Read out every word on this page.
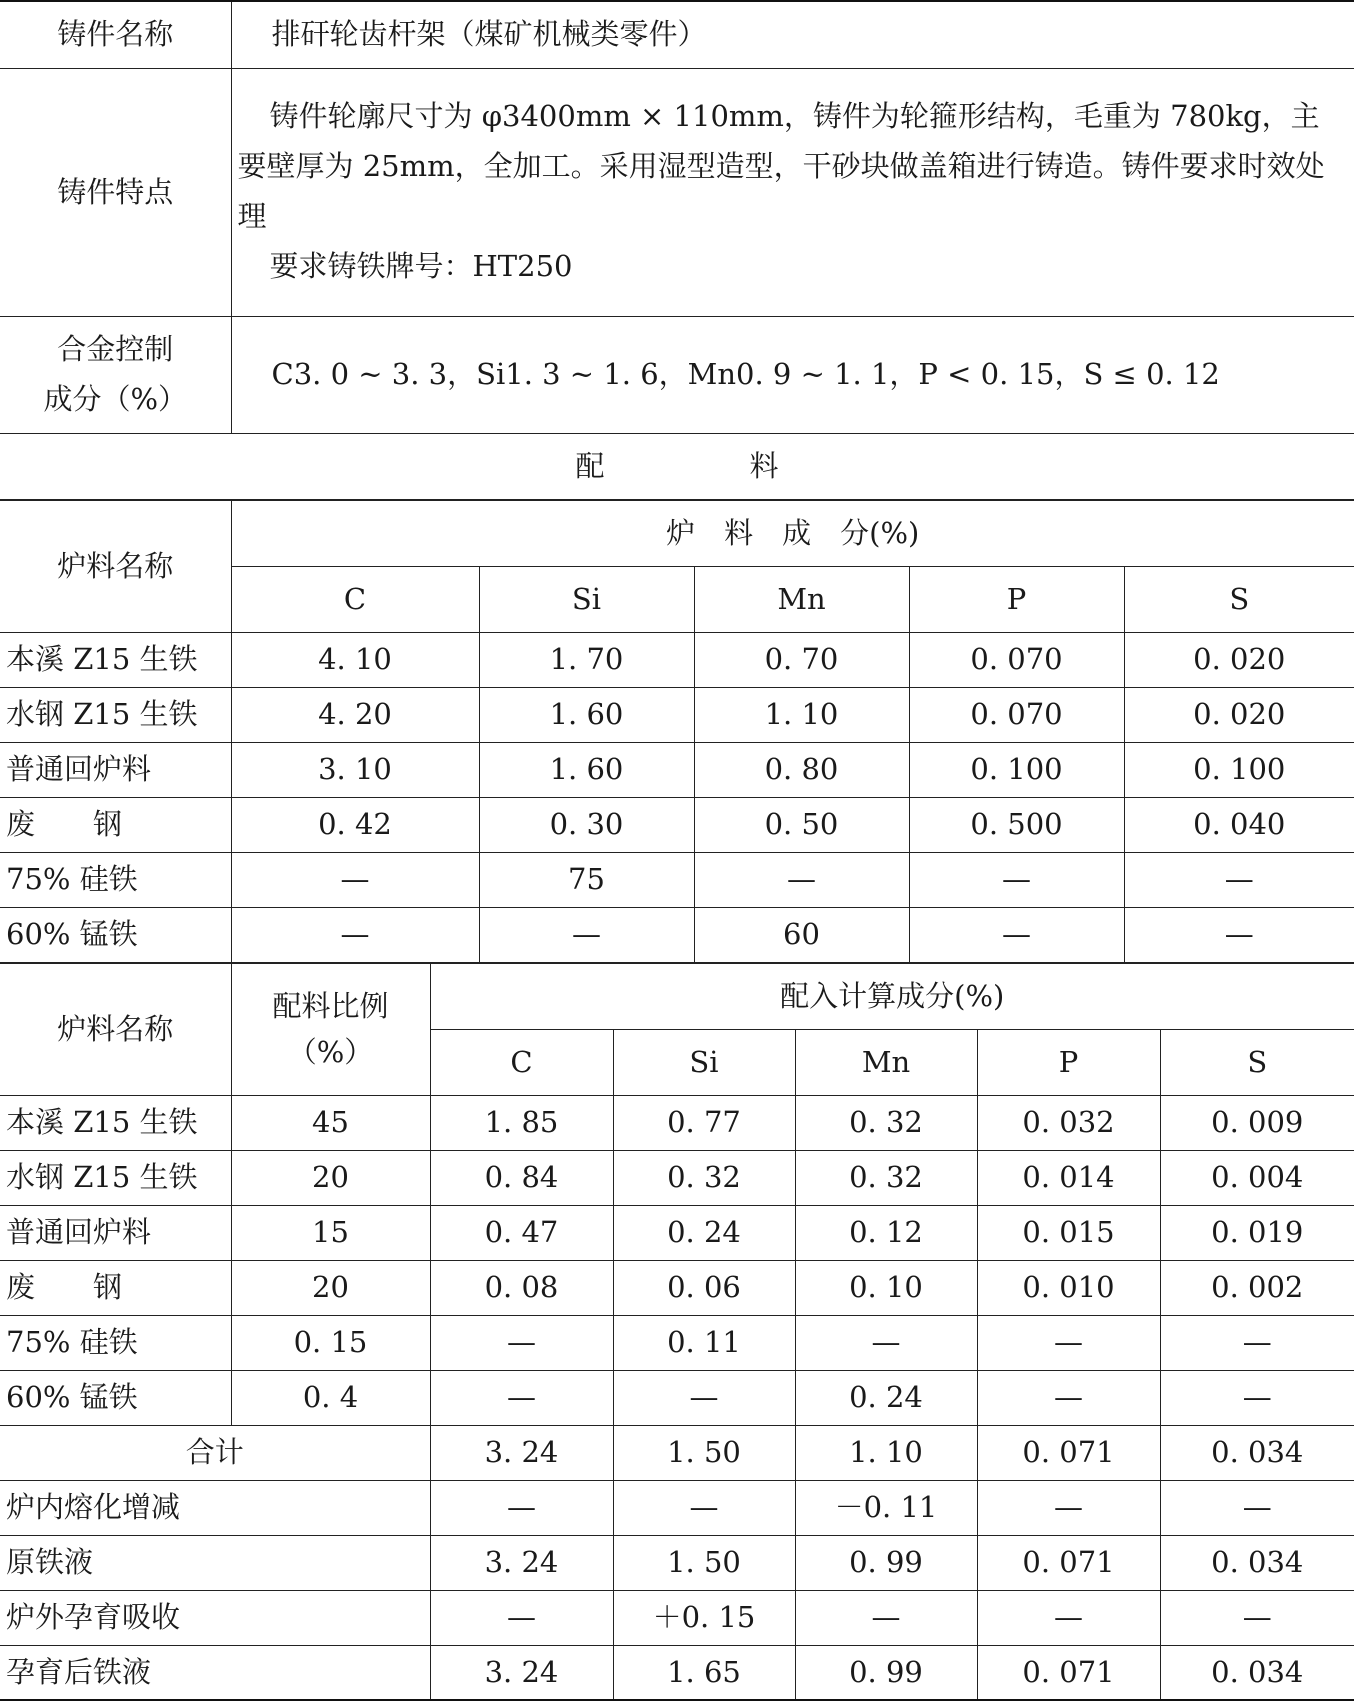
铸件名称	排矸轮齿杆架（煤矿机械类零件）
铸件特点	铸件轮廓尺寸为 φ3400mm × 110mm，铸件为轮箍形结构，毛重为 780kg，主要壁厚为 25mm，全加工。采用湿型造型，干砂块做盖箱进行铸造。铸件要求时效处理

要求铸铁牌号：HT250

合金控制
成分（%）	C3. 0 ~ 3. 3，Si1. 3 ~ 1. 6，Mn0. 9 ~ 1. 1，P < 0. 15，S ≤ 0. 12
配　　　　　料	
炉料名称	炉　料　成　分(%)				
	C	Si	Mn	P	S
本溪 Z15 生铁	4. 10	1. 70	0. 70	0. 070	0. 020
水钢 Z15 生铁	4. 20	1. 60	1. 10	0. 070	0. 020
普通回炉料	3. 10	1. 60	0. 80	0. 100	0. 100
废　　钢	0. 42	0. 30	0. 50	0. 500	0. 040
75% 硅铁	—	75	—	—	—
60% 锰铁	—	—	60	—	—
炉料名称	配料比例
（%）	配入计算成分(%)				
		C	Si	Mn	P	S
本溪 Z15 生铁	45	1. 85	0. 77	0. 32	0. 032	0. 009
水钢 Z15 生铁	20	0. 84	0. 32	0. 32	0. 014	0. 004
普通回炉料	15	0. 47	0. 24	0. 12	0. 015	0. 019
废　　钢	20	0. 08	0. 06	0. 10	0. 010	0. 002
75% 硅铁	0. 15	—	0. 11	—	—	—
60% 锰铁	0. 4	—	—	0. 24	—	—
合计		3. 24	1. 50	1. 10	0. 071	0. 034
炉内熔化增减		—	—	－0. 11	—	—
原铁液		3. 24	1. 50	0. 99	0. 071	0. 034
炉外孕育吸收		—	＋0. 15	—	—	—
孕育后铁液		3. 24	1. 65	0. 99	0. 071	0. 034
